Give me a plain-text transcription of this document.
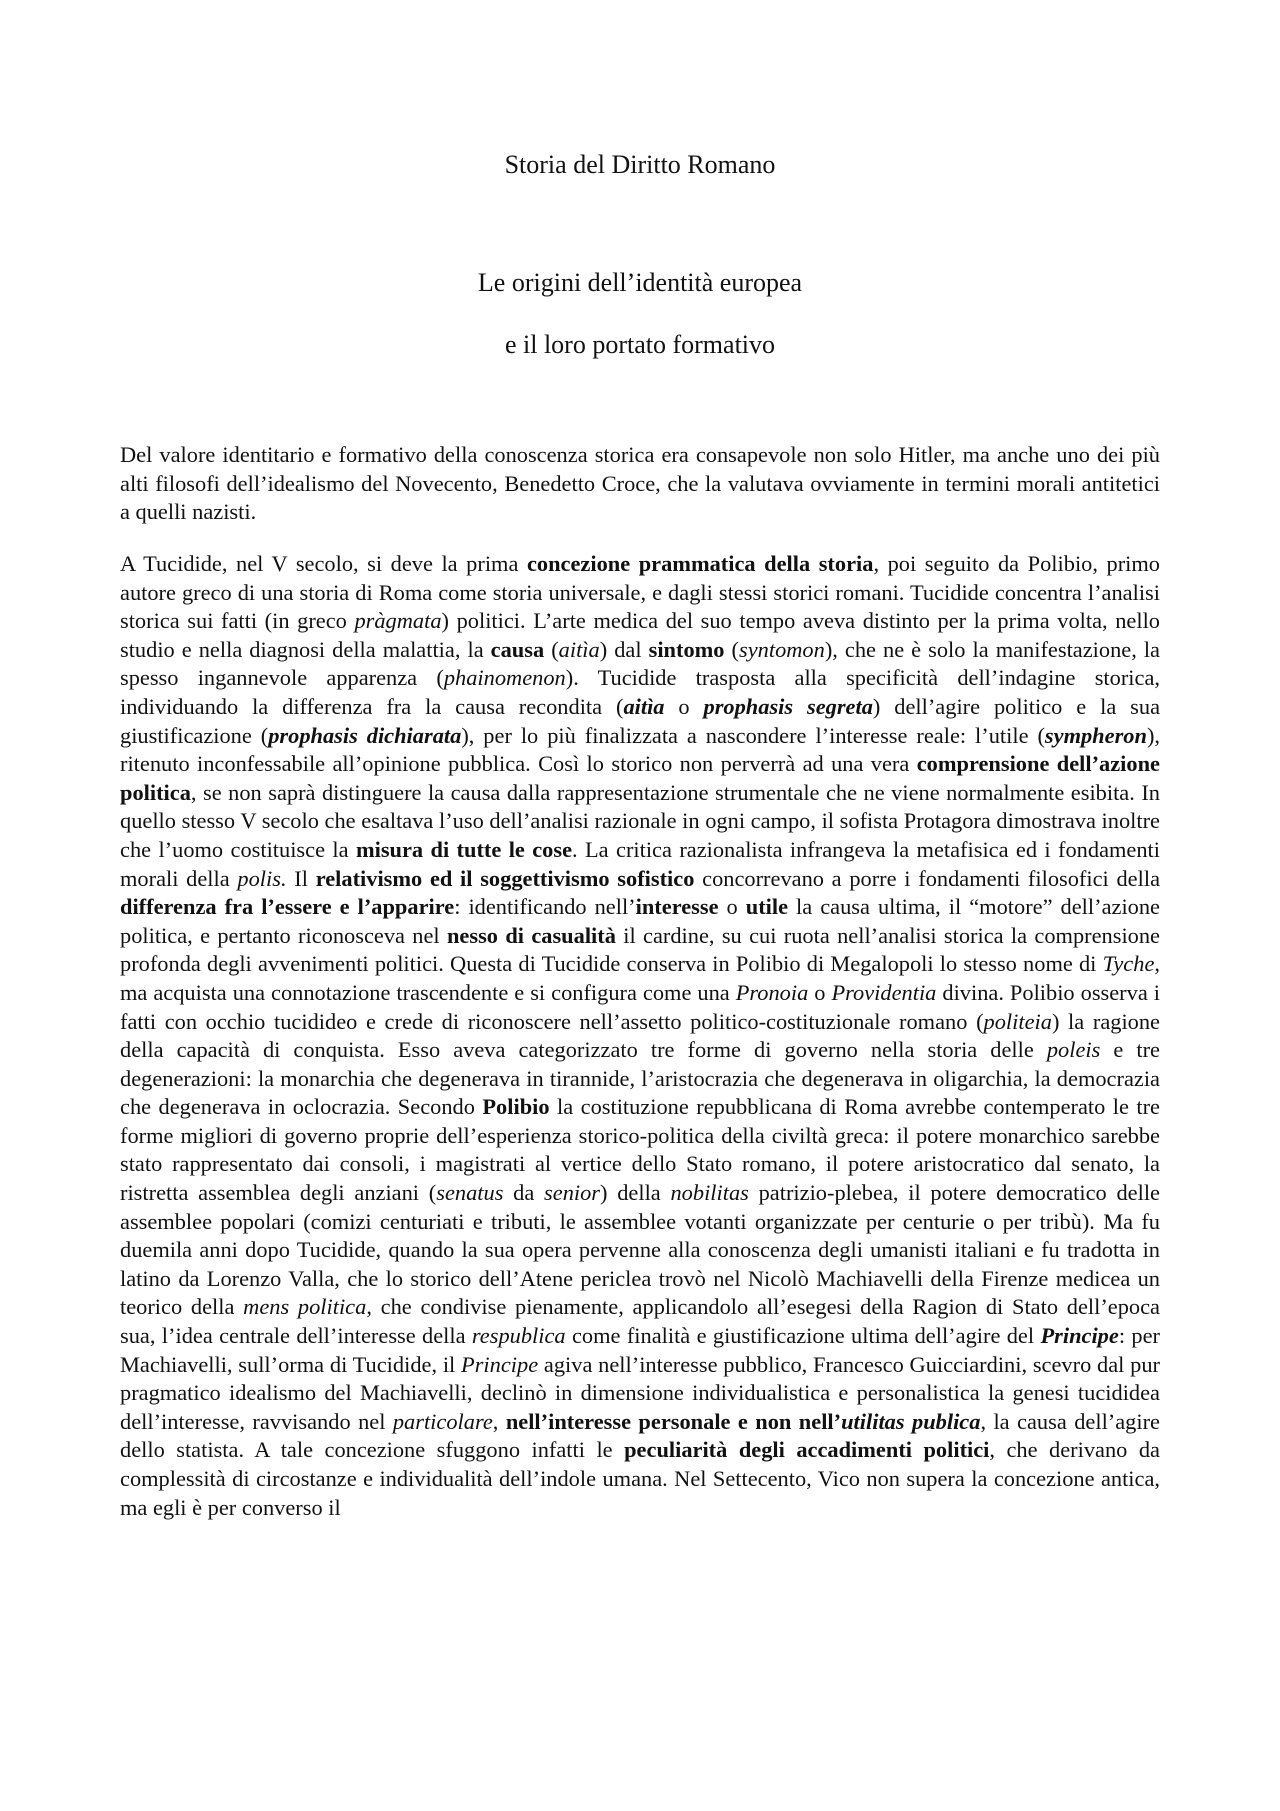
Storia del Diritto Romano
Le origini dell’identità europea
e il loro portato formativo

Del valore identitario e formativo della conoscenza storica era consapevole non solo Hitler, ma anche uno dei più alti filosofi dell’idealismo del Novecento, Benedetto Croce, che la valutava ovviamente in termini morali antitetici a quelli nazisti.

A Tucidide, nel V secolo, si deve la prima concezione prammatica della storia, poi seguito da Polibio, primo autore greco di una storia di Roma come storia universale, e dagli stessi storici romani. Tucidide concentra l’analisi storica sui fatti (in greco pràgmata) politici. L’arte medica del suo tempo aveva distinto per la prima volta, nello studio e nella diagnosi della malattia, la causa (aitìa) dal sintomo (syntomon), che ne è solo la manifestazione, la spesso ingannevole apparenza (phainomenon). Tucidide trasposta alla specificità dell’indagine storica, individuando la differenza fra la causa recondita (aitìa o prophasis segreta) dell’agire politico e la sua giustificazione (prophasis dichiarata), per lo più finalizzata a nascondere l’interesse reale: l’utile (sympheron), ritenuto inconfessabile all’opinione pubblica. Così lo storico non perverrà ad una vera comprensione dell’azione politica, se non saprà distinguere la causa dalla rappresentazione strumentale che ne viene normalmente esibita. In quello stesso V secolo che esaltava l’uso dell’analisi razionale in ogni campo, il sofista Protagora dimostrava inoltre che l’uomo costituisce la misura di tutte le cose. La critica razionalista infrangeva la metafisica ed i fondamenti morali della polis. Il relativismo ed il soggettivismo sofistico concorrevano a porre i fondamenti filosofici della differenza fra l’essere e l’apparire: identificando nell’interesse o utile la causa ultima, il “motore” dell’azione politica, e pertanto riconosceva nel nesso di casualità il cardine, su cui ruota nell’analisi storica la comprensione profonda degli avvenimenti politici. Questa di Tucidide conserva in Polibio di Megalopoli lo stesso nome di Tyche, ma acquista una connotazione trascendente e si configura come una Pronoia o Providentia divina. Polibio osserva i fatti con occhio tucidideo e crede di riconoscere nell’assetto politico-costituzionale romano (politeia) la ragione della capacità di conquista. Esso aveva categorizzato tre forme di governo nella storia delle poleis e tre degenerazioni: la monarchia che degenerava in tirannide, l’aristocrazia che degenerava in oligarchia, la democrazia che degenerava in oclocrazia. Secondo Polibio la costituzione repubblicana di Roma avrebbe contemperato le tre forme migliori di governo proprie dell’esperienza storico-politica della civiltà greca: il potere monarchico sarebbe stato rappresentato dai consoli, i magistrati al vertice dello Stato romano, il potere aristocratico dal senato, la ristretta assemblea degli anziani (senatus da senior) della nobilitas patrizio-plebea, il potere democratico delle assemblee popolari (comizi centuriati e tributi, le assemblee votanti organizzate per centurie o per tribù). Ma fu duemila anni dopo Tucidide, quando la sua opera pervenne alla conoscenza degli umanisti italiani e fu tradotta in latino da Lorenzo Valla, che lo storico dell’Atene periclea trovò nel Nicolò Machiavelli della Firenze medicea un teorico della mens politica, che condivise pienamente, applicandolo all’esegesi della Ragion di Stato dell’epoca sua, l’idea centrale dell’interesse della respublica come finalità e giustificazione ultima dell’agire del Principe: per Machiavelli, sull’orma di Tucidide, il Principe agiva nell’interesse pubblico, Francesco Guicciardini, scevro dal pur pragmatico idealismo del Machiavelli, declinò in dimensione individualistica e personalistica la genesi tucididea dell’interesse, ravvisando nel particolare, nell’interesse personale e non nell’utilitas publica, la causa dell’agire dello statista. A tale concezione sfuggono infatti le peculiarità degli accadimenti politici, che derivano da complessità di circostanze e individualità dell’indole umana. Nel Settecento, Vico non supera la concezione antica, ma egli è per converso il
